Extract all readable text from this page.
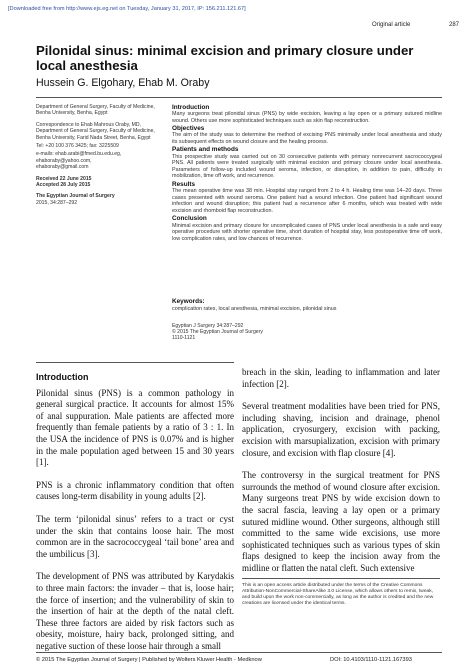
[Downloaded free from http://www.ejs.eg.net on Tuesday, January 31, 2017, IP: 156.211.121.67]
Original article	287
Pilonidal sinus: minimal excision and primary closure under local anesthesia
Hussein G. Elgohary, Ehab M. Oraby

Department of General Surgery, Faculty of Medicine, Benha University, Benha, Egypt

Correspondence to Ehab Mahrous Oraby, MD, Department of General Surgery, Faculty of Medicine, Benha University, Farid Nada Street, Benha, Egypt

Tel: +20 100 376 3425; fax: 3225509

e-mails: ehab.arabi@fmed.bu.edu.eg,

ehaboraby@yahoo.com,

ehaboraby@gmail.com

Received 22 June 2015

Accepted 28 July 2015

The Egyptian Journal of Surgery

2015, 34:287–292

Introduction

Many surgeons treat pilonidal sinus (PNS) by wide excision, leaving a lay open or a primary sutured midline wound. Others use more sophisticated techniques such as skin flap reconstruction.

Objectives

The aim of the study was to determine the method of excising PNS minimally under local anesthesia and study its subsequent effects on wound closure and the healing process.

Patients and methods

This prospective study was carried out on 30 consecutive patients with primary nonrecurrent sacrococcygeal PNS. All patients were treated surgically with minimal excision and primary closure under local anesthesia. Parameters of follow-up included wound seroma, infection, or disruption, in addition to pain, difficulty in mobilization, time off work, and recurrence.

Results

The mean operative time was 38 min. Hospital stay ranged from 2 to 4 h. Healing time was 14–20 days. Three cases presented with wound seroma. One patient had a wound infection. One patient had significant wound infection and wound disruption; this patient had a recurrence after 6 months, which was treated with wide excision and rhomboid flap reconstruction.

Conclusion

Minimal excision and primary closure for uncomplicated cases of PNS under local anesthesia is a safe and easy operative procedure with shorter operative time, short duration of hospital stay, less postoperative time off work, low complication rates, and low chances of recurrence.

Keywords:

complication rates, local anesthesia, minimal excision, pilonidal sinus

Egyptian J Surgery 34:287–292

© 2015 The Egyptian Journal of Surgery

1110-1121

Introduction

Pilonidal sinus (PNS) is a common pathology in general surgical practice. It accounts for almost 15% of anal suppuration. Male patients are affected more frequently than female patients by a ratio of 3 : 1. In the USA the incidence of PNS is 0.07% and is higher in the male population aged between 15 and 30 years [1].

PNS is a chronic inflammatory condition that often causes long-term disability in young adults [2].

The term ‘pilonidal sinus’ refers to a tract or cyst under the skin that contains loose hair. The most common are in the sacrococcygeal ‘tail bone’ area and the umbilicus [3].

The development of PNS was attributed by Karydakis to three main factors: the invader – that is, loose hair; the force of insertion; and the vulnerability of skin to the insertion of hair at the depth of the natal cleft. These three factors are aided by risk factors such as obesity, moisture, hairy back, prolonged sitting, and negative suction of these loose hair through a small

breach in the skin, leading to inflammation and later infection [2].

Several treatment modalities have been tried for PNS, including shaving, incision and drainage, phenol application, cryosurgery, excision with packing, excision with marsupialization, excision with primary closure, and excision with flap closure [4].

The controversy in the surgical treatment for PNS surrounds the method of wound closure after excision. Many surgeons treat PNS by wide excision down to the sacral fascia, leaving a lay open or a primary sutured midline wound. Other surgeons, although still committed to the same wide excisions, use more sophisticated techniques such as various types of skin flaps designed to keep the incision away from the midline or flatten the natal cleft. Such extensive

This is an open access article distributed under the terms of the Creative Commons Attribution-NonCommercial-ShareAlike 3.0 License, which allows others to remix, tweak, and build upon the work non-commercially, as long as the author is credited and the new creations are licensed under the identical terms.
© 2015 The Egyptian Journal of Surgery | Published by Wolters Kluwer Health - Medknow	DOI: 10.4103/1110-1121.167393
